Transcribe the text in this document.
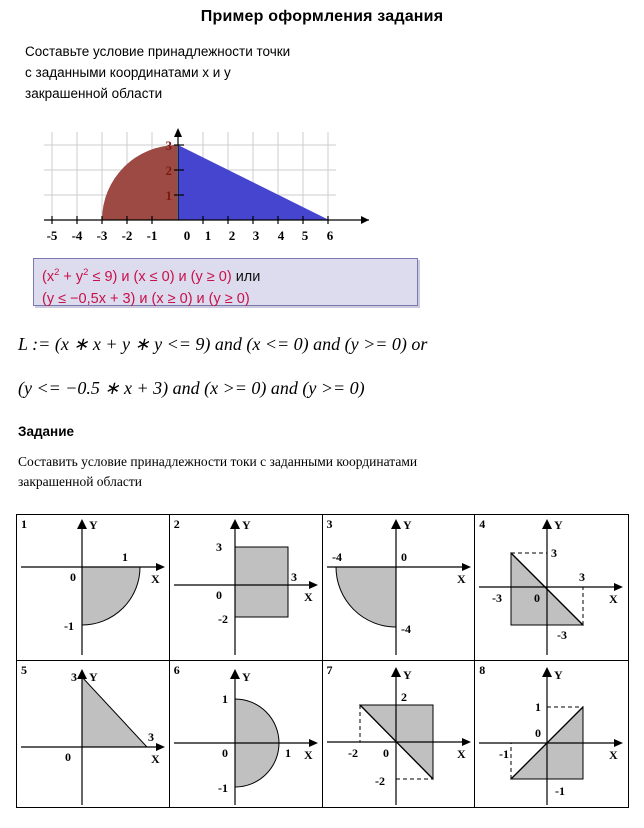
Пример оформления задания
Составьте условие принадлежности точки
с заданными координатами x и y
закрашенной области
-5 -4 -3 -2 -1 0 1 2 3 4 5 6
3
2
1
$(x^2 + y^2 \le 9)$ и (x ≤ 0) и (y ≥ 0) или
(y ≤ −0,5x + 3) и (x ≥ 0) и (y ≥ 0)
L := (x ∗ x + y ∗ y <= 9) and (x <= 0) and (y >= 0) or
(y <= −0.5 ∗ x + 3) and (x >= 0) and (y >= 0)
Задание
Составить условие принадлежности токи с заданными координатами
закрашенной области
1	Y
X
1
0
-1
2	Y
X
3
3
0
-2
3	Y
X
-4	0
-4
4	Y
X
3
3
-3	0
-3
5	Y
X
3
3
0
6	Y
X
1
0	1
-1
7	Y
X
2
-2 0
-2
8	Y
X
1
0
-1
-1
